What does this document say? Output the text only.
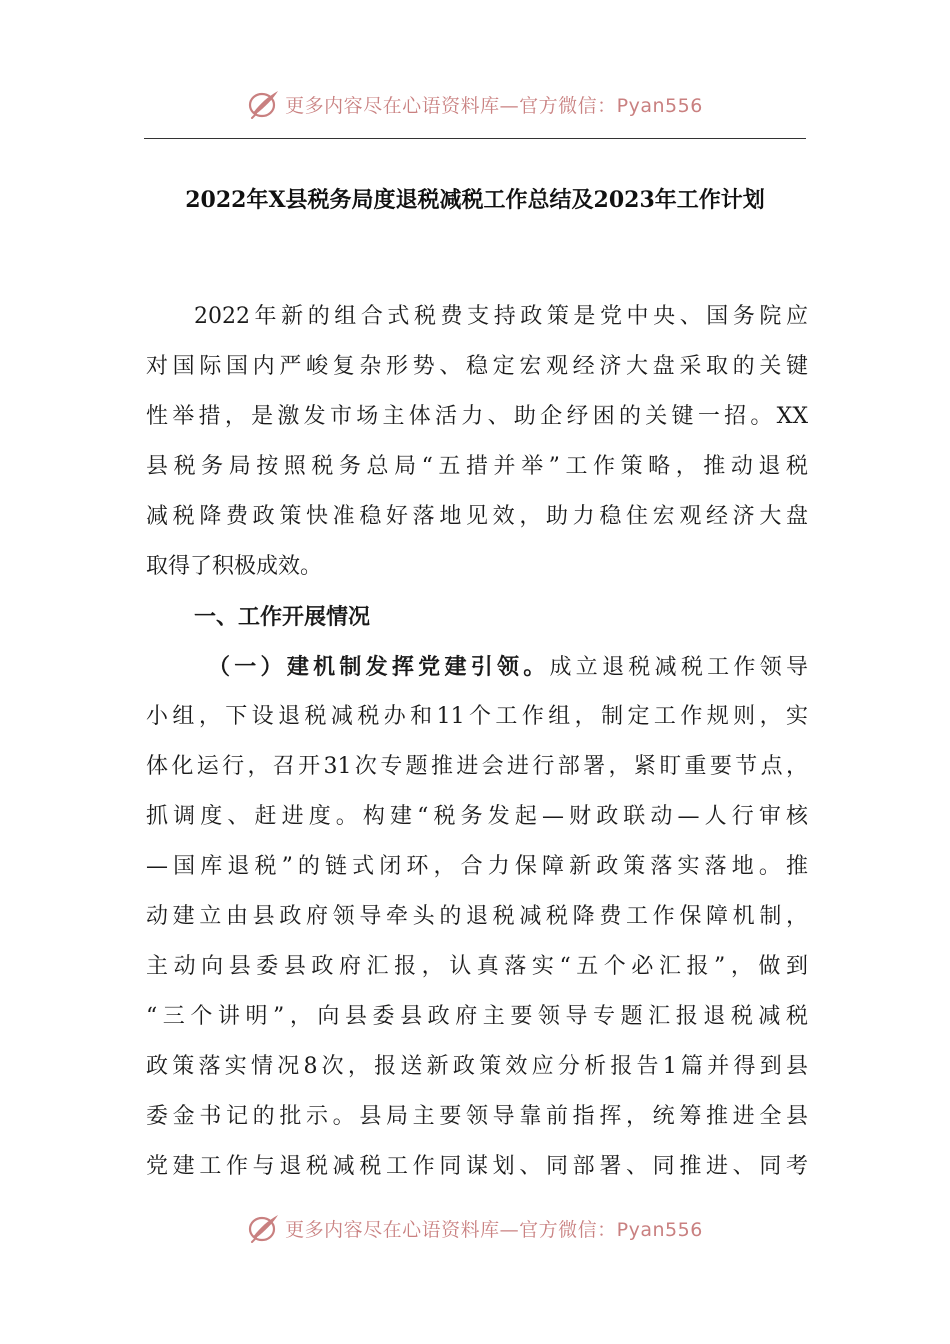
更多内容尽在心语资料库—官方微信：Pyan556
2022年X县税务局度退税减税工作总结及2023年工作计划
2022年新的组合式税费支持政策是党中央、国务院应
对国际国内严峻复杂形势、稳定宏观经济大盘采取的关键
性举措，是激发市场主体活力、助企纾困的关键一招。XX
县税务局按照税务总局“五措并举”工作策略，推动退税
减税降费政策快准稳好落地见效，助力稳住宏观经济大盘
取得了积极成效。
一、工作开展情况
（一）建机制发挥党建引领。成立退税减税工作领导
小组，下设退税减税办和11个工作组，制定工作规则，实
体化运行，召开31次专题推进会进行部署，紧盯重要节点，
抓调度、赶进度。构建“税务发起—财政联动—人行审核
—国库退税”的链式闭环，合力保障新政策落实落地。推
动建立由县政府领导牵头的退税减税降费工作保障机制，
主动向县委县政府汇报，认真落实“五个必汇报”，做到
“三个讲明”，向县委县政府主要领导专题汇报退税减税
政策落实情况8次，报送新政策效应分析报告1篇并得到县
委金书记的批示。县局主要领导靠前指挥，统筹推进全县
党建工作与退税减税工作同谋划、同部署、同推进、同考
更多内容尽在心语资料库—官方微信：Pyan556
